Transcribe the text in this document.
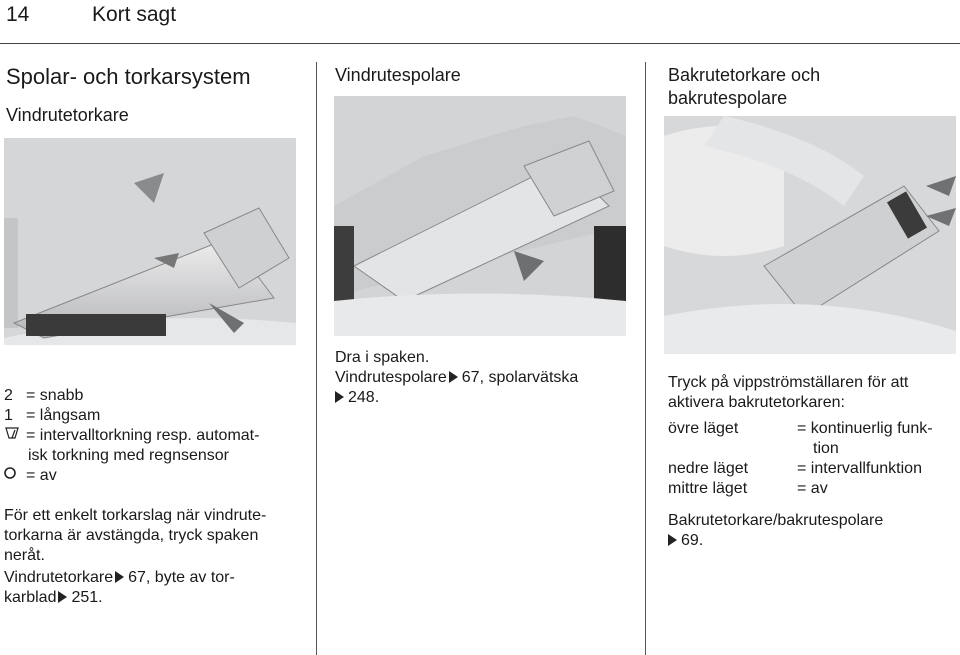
14	Kort sagt
Spolar- och torkarsystem
Vindrutetorkare
2 = snabb
1 = långsam
= intervalltorkning resp. automat-
isk torkning med regnsensor
= av
För ett enkelt torkarslag när vindrute-
torkarna är avstängda, tryck spaken
neråt.
Vindrutetorkare 67, byte av tor-
karblad 251.
Vindrutespolare
Dra i spaken.
Vindrutespolare 67, spolarvätska
248.
Bakrutetorkare och
bakrutespolare
Tryck på vippströmställaren för att
aktivera bakrutetorkaren:
övre läget	= kontinuerlig funk-
tion
nedre läget	= intervallfunktion
mittre läget	= av
Bakrutetorkare/bakrutespolare
69.
